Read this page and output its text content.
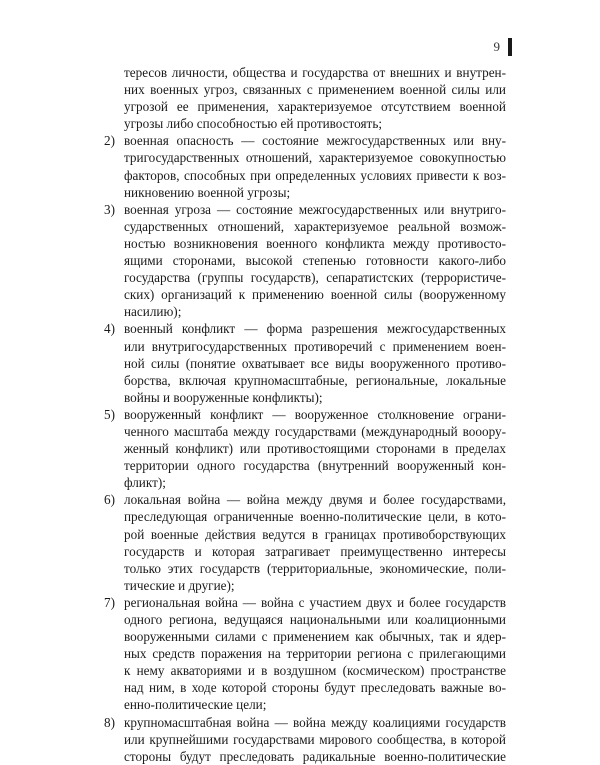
9
тересов личности, общества и государства от внешних и внутрен-
них военных угроз, связанных с применением военной силы или
угрозой ее применения, характеризуемое отсутствием военной
угрозы либо способностью ей противостоять;
2) военная опасность — состояние межгосударственных или вну-
тригосударственных отношений, характеризуемое совокупностью
факторов, способных при определенных условиях привести к воз-
никновению военной угрозы;
3) военная угроза — состояние межгосударственных или внутриго-
сударственных отношений, характеризуемое реальной возмож-
ностью возникновения военного конфликта между противосто-
ящими сторонами, высокой степенью готовности какого-либо
государства (группы государств), сепаратистских (террористиче-
ских) организаций к применению военной силы (вооруженному
насилию);
4) военный конфликт — форма разрешения межгосударственных
или внутригосударственных противоречий с применением воен-
ной силы (понятие охватывает все виды вооруженного противо-
борства, включая крупномасштабные, региональные, локальные
войны и вооруженные конфликты);
5) вооруженный конфликт — вооруженное столкновение ограни-
ченного масштаба между государствами (международный вооору-
женный конфликт) или противостоящими сторонами в пределах
территории одного государства (внутренний вооруженный кон-
фликт);
6) локальная война — война между двумя и более государствами,
преследующая ограниченные военно-политические цели, в кото-
рой военные действия ведутся в границах противоборствующих
государств и которая затрагивает преимущественно интересы
только этих государств (территориальные, экономические, поли-
тические и другие);
7) региональная война — война с участием двух и более государств
одного региона, ведущаяся национальными или коалиционными
вооруженными силами с применением как обычных, так и ядер-
ных средств поражения на территории региона с прилегающими
к нему акваториями и в воздушном (космическом) пространстве
над ним, в ходе которой стороны будут преследовать важные во-
енно-политические цели;
8) крупномасштабная война — война между коалициями государств
или крупнейшими государствами мирового сообщества, в которой
стороны будут преследовать радикальные военно-политические
